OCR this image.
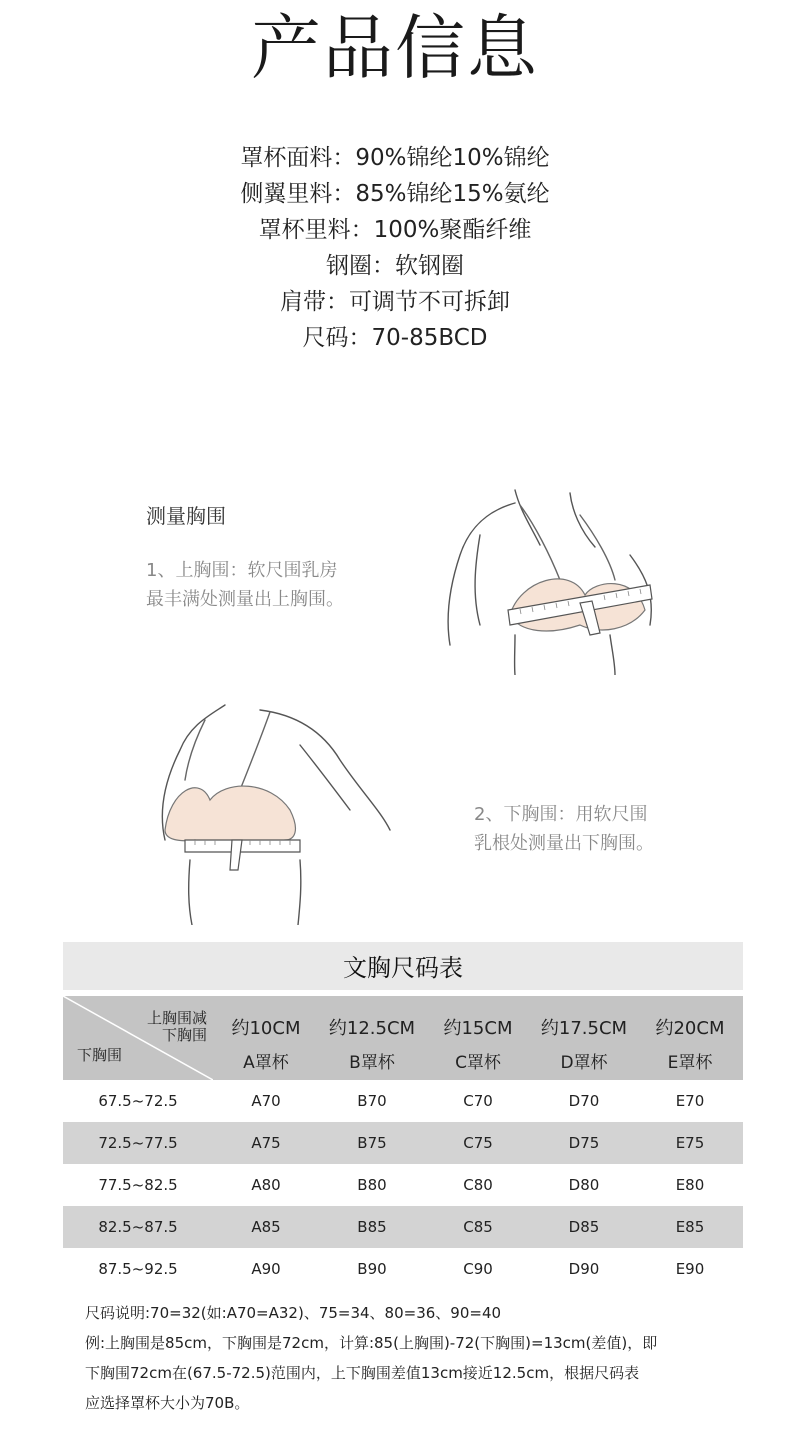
产品信息
罩杯面料：90%锦纶10%锦纶
侧翼里料：85%锦纶15%氨纶
罩杯里料：100%聚酯纤维
钢圈：软钢圈
肩带：可调节不可拆卸
尺码：70-85BCD
测量胸围
1、上胸围：软尺围乳房
最丰满处测量出上胸围。
2、下胸围：用软尺围
乳根处测量出下胸围。
文胸尺码表
上胸围减
下胸围
下胸围	约10CM	约12.5CM	约15CM	约17.5CM	约20CM
	A罩杯	B罩杯	C罩杯	D罩杯	E罩杯
67.5~72.5	A70	B70	C70	D70	E70
72.5~77.5	A75	B75	C75	D75	E75
77.5~82.5	A80	B80	C80	D80	E80
82.5~87.5	A85	B85	C85	D85	E85
87.5~92.5	A90	B90	C90	D90	E90
尺码说明:70=32(如:A70=A32)、75=34、80=36、90=40
例:上胸围是85cm，下胸围是72cm，计算:85(上胸围)-72(下胸围)=13cm(差值)，即
下胸围72cm在(67.5-72.5)范围内，上下胸围差值13cm接近12.5cm，根据尺码表
应选择罩杯大小为70B。
